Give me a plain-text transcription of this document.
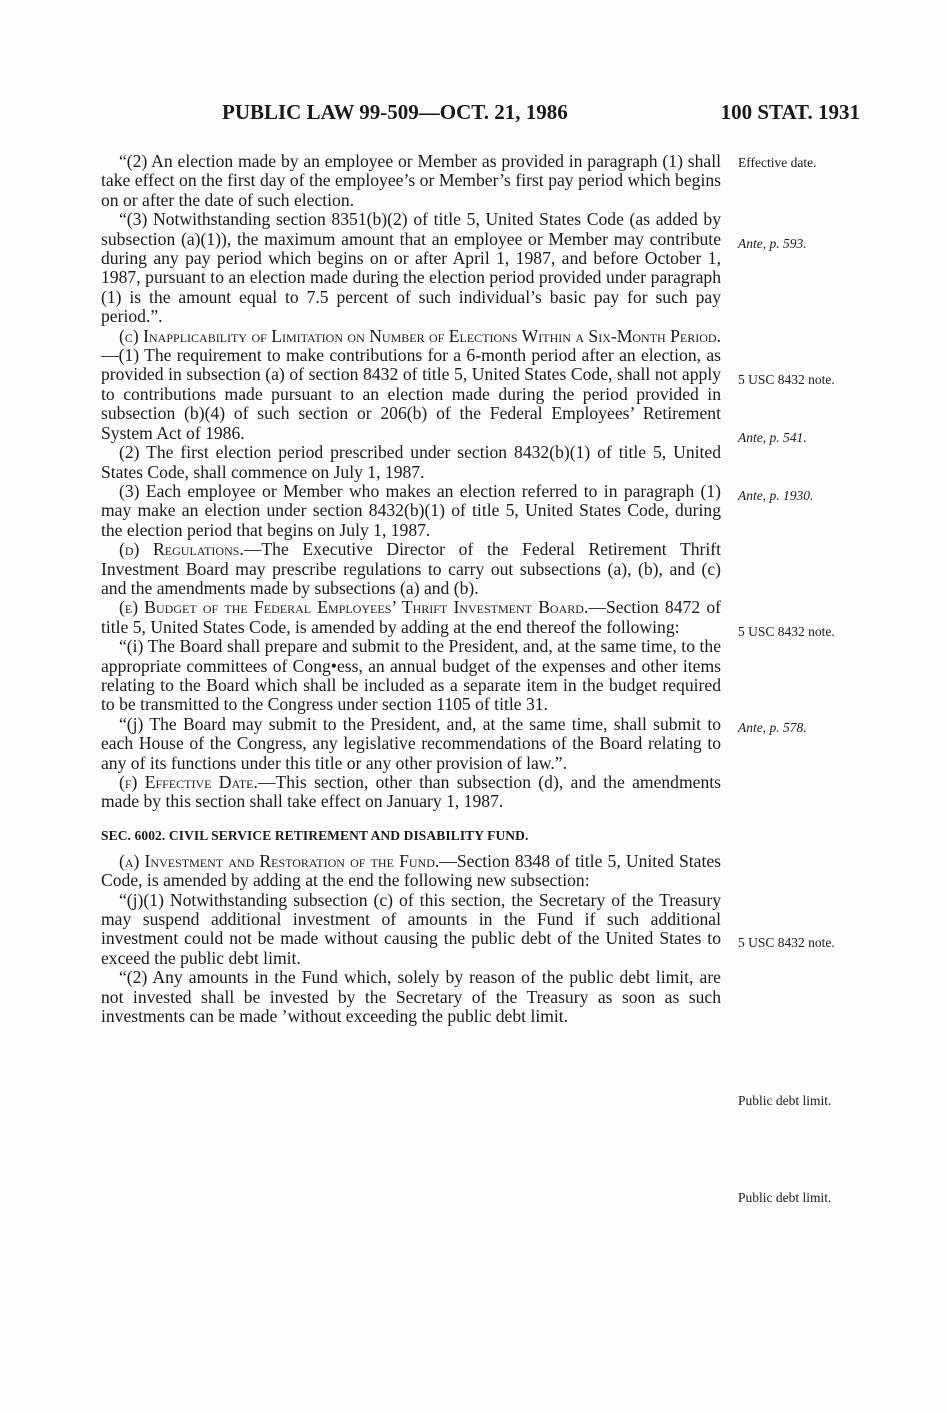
PUBLIC LAW 99-509—OCT. 21, 1986	100 STAT. 1931
Effective date.
Ante, p. 593.
5 USC 8432 note.
Ante, p. 541.
Ante, p. 1930.
5 USC 8432 note.
Ante, p. 578.
5 USC 8432 note.
Public debt limit.
Public debt limit.

“(2) An election made by an employee or Member as provided in paragraph (1) shall take effect on the first day of the employee’s or Member’s first pay period which begins on or after the date of such election.

“(3) Notwithstanding section 8351(b)(2) of title 5, United States Code (as added by subsection (a)(1)), the maximum amount that an employee or Member may contribute during any pay period which begins on or after April 1, 1987, and before October 1, 1987, pursuant to an election made during the election period provided under paragraph (1) is the amount equal to 7.5 percent of such individual’s basic pay for such pay period.”.

(c) Inapplicability of Limitation on Number of Elections Within a Six-Month Period.—(1) The requirement to make contributions for a 6-month period after an election, as provided in subsection (a) of section 8432 of title 5, United States Code, shall not apply to contributions made pursuant to an election made during the period provided in subsection (b)(4) of such section or 206(b) of the Federal Employees’ Retirement System Act of 1986.

(2) The first election period prescribed under section 8432(b)(1) of title 5, United States Code, shall commence on July 1, 1987.

(3) Each employee or Member who makes an election referred to in paragraph (1) may make an election under section 8432(b)(1) of title 5, United States Code, during the election period that begins on July 1, 1987.

(d) Regulations.—The Executive Director of the Federal Retirement Thrift Investment Board may prescribe regulations to carry out subsections (a), (b), and (c) and the amendments made by subsections (a) and (b).

(e) Budget of the Federal Employees’ Thrift Investment Board.—Section 8472 of title 5, United States Code, is amended by adding at the end thereof the following:

“(i) The Board shall prepare and submit to the President, and, at the same time, to the appropriate committees of Cong•ess, an annual budget of the expenses and other items relating to the Board which shall be included as a separate item in the budget required to be transmitted to the Congress under section 1105 of title 31.

“(j) The Board may submit to the President, and, at the same time, shall submit to each House of the Congress, any legislative recommendations of the Board relating to any of its functions under this title or any other provision of law.”.

(f) Effective Date.—This section, other than subsection (d), and the amendments made by this section shall take effect on January 1, 1987.

SEC. 6002. CIVIL SERVICE RETIREMENT AND DISABILITY FUND.

(a) Investment and Restoration of the Fund.—Section 8348 of title 5, United States Code, is amended by adding at the end the following new subsection:

“(j)(1) Notwithstanding subsection (c) of this section, the Secretary of the Treasury may suspend additional investment of amounts in the Fund if such additional investment could not be made without causing the public debt of the United States to exceed the public debt limit.

“(2) Any amounts in the Fund which, solely by reason of the public debt limit, are not invested shall be invested by the Secretary of the Treasury as soon as such investments can be made ’without exceeding the public debt limit.
